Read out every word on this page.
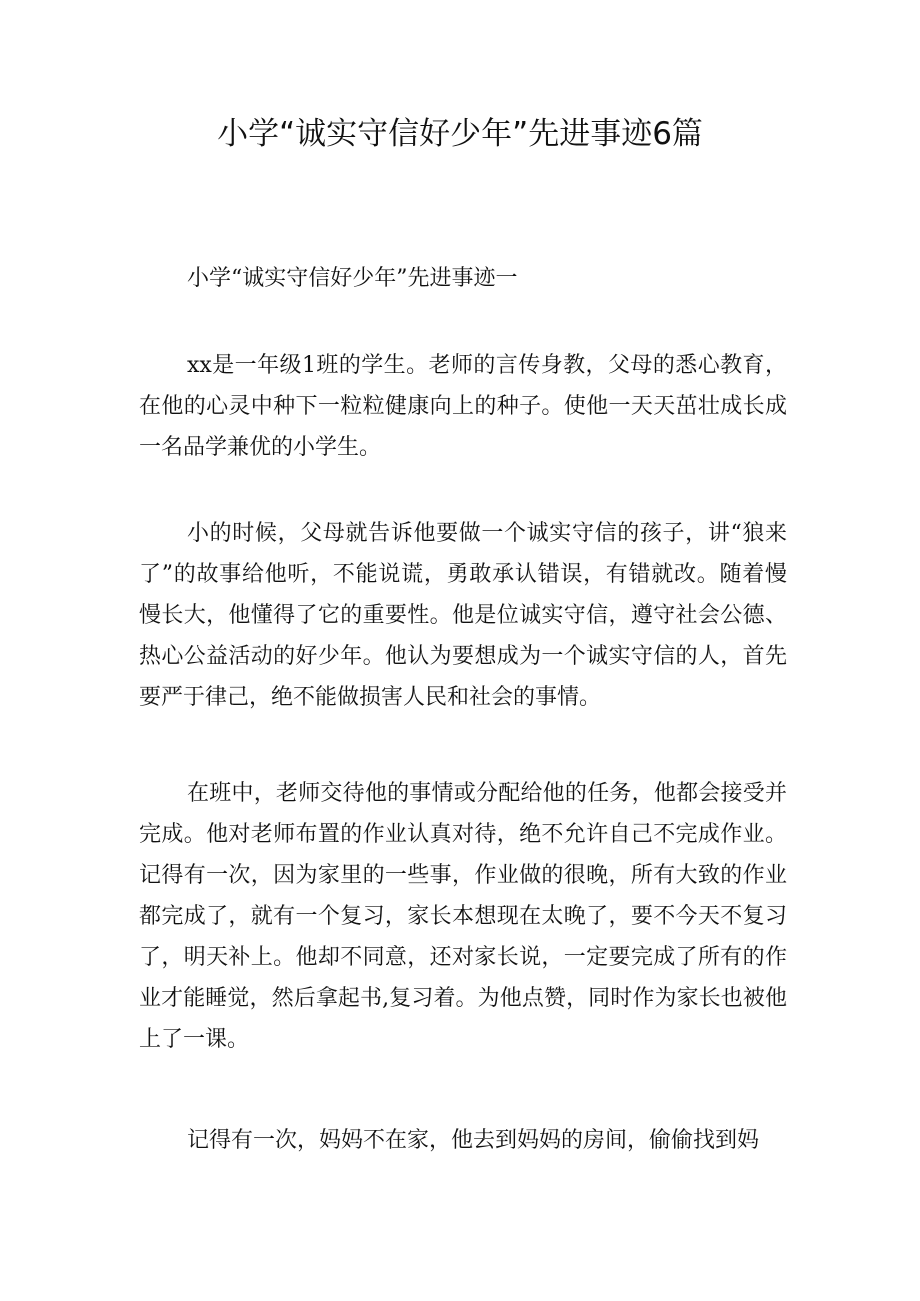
小学“诚实守信好少年”先进事迹6篇
小学“诚实守信好少年”先进事迹一

xx是一年级1班的学生。老师的言传身教，父母的悉心教育，在他的心灵中种下一粒粒健康向上的种子。使他一天天茁壮成长成一名品学兼优的小学生。

小的时候，父母就告诉他要做一个诚实守信的孩子，讲“狼来了”的故事给他听，不能说谎，勇敢承认错误，有错就改。随着慢慢长大，他懂得了它的重要性。他是位诚实守信，遵守社会公德、热心公益活动的好少年。他认为要想成为一个诚实守信的人，首先要严于律己，绝不能做损害人民和社会的事情。

在班中，老师交待他的事情或分配给他的任务，他都会接受并完成。他对老师布置的作业认真对待，绝不允许自己不完成作业。记得有一次，因为家里的一些事，作业做的很晚，所有大致的作业都完成了，就有一个复习，家长本想现在太晚了，要不今天不复习了，明天补上。他却不同意，还对家长说，一定要完成了所有的作业才能睡觉，然后拿起书,复习着。为他点赞，同时作为家长也被他上了一课。

记得有一次，妈妈不在家，他去到妈妈的房间，偷偷找到妈
